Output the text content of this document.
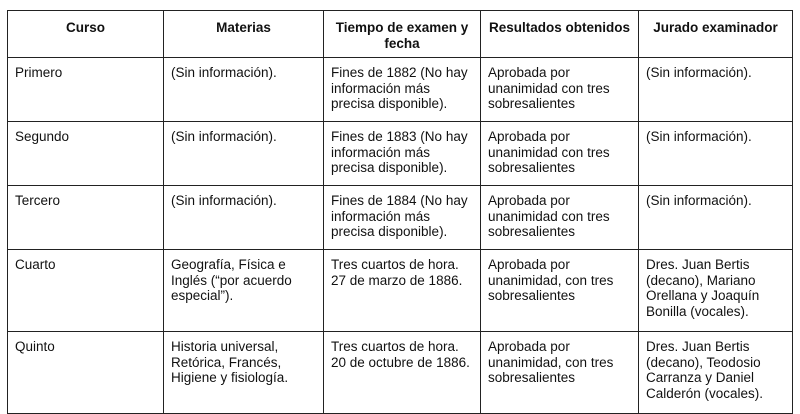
Curso	Materias	Tiempo de examen y fecha	Resultados obtenidos	Jurado examinador
Primero	(Sin información).	Fines de 1882 (No hay información más precisa disponible).	Aprobada por unanimidad con tres sobresalientes	(Sin información).
Segundo	(Sin información).	Fines de 1883 (No hay información más precisa disponible).	Aprobada por unanimidad con tres sobresalientes	(Sin información).
Tercero	(Sin información).	Fines de 1884 (No hay información más precisa disponible).	Aprobada por unanimidad con tres sobresalientes	(Sin información).
Cuarto	Geografía, Física e Inglés (“por acuerdo especial”).	Tres cuartos de hora. 27 de marzo de 1886.	Aprobada por unanimidad, con tres sobresalientes	Dres. Juan Bertis (decano), Mariano Orellana y Joaquín Bonilla (vocales).
Quinto	Historia universal, Retórica, Francés, Higiene y fisiología.	Tres cuartos de hora. 20 de octubre de 1886.	Aprobada por unanimidad, con tres sobresalientes	Dres. Juan Bertis (decano), Teodosio Carranza y Daniel Calderón (vocales).
